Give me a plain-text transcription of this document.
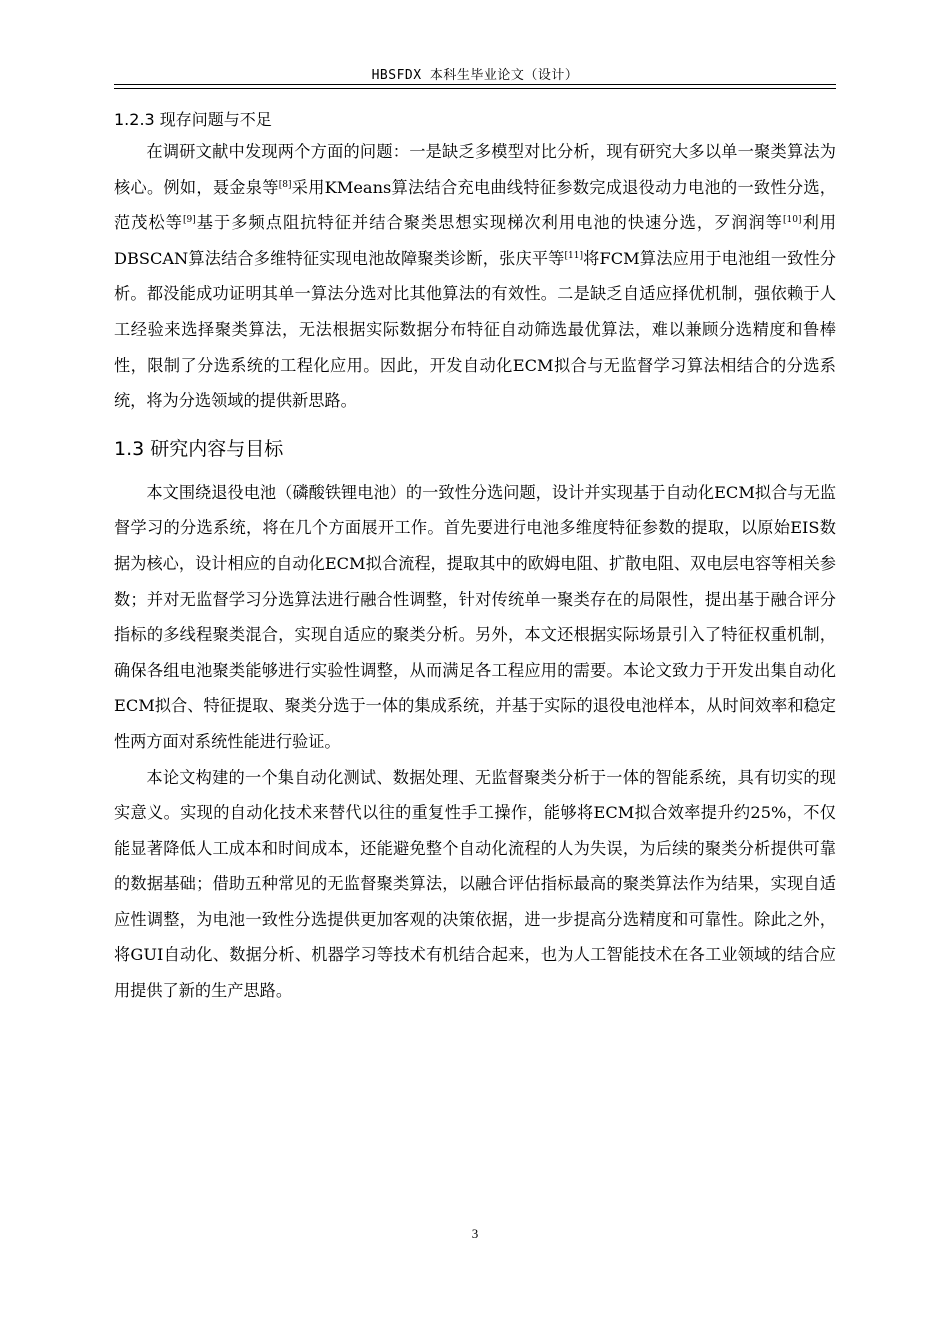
HBSFDX 本科生毕业论文（设计）
1.2.3 现存问题与不足

在调研文献中发现两个方面的问题：一是缺乏多模型对比分析，现有研究大多以单一聚类算法为核心。例如，聂金泉等[8]采用KMeans算法结合充电曲线特征参数完成退役动力电池的一致性分选，范茂松等[9]基于多频点阻抗特征并结合聚类思想实现梯次利用电池的快速分选，歹润润等[10]利用DBSCAN算法结合多维特征实现电池故障聚类诊断，张庆平等[11]将FCM算法应用于电池组一致性分析。都没能成功证明其单一算法分选对比其他算法的有效性。二是缺乏自适应择优机制，强依赖于人工经验来选择聚类算法，无法根据实际数据分布特征自动筛选最优算法，难以兼顾分选精度和鲁棒性，限制了分选系统的工程化应用。因此，开发自动化ECM拟合与无监督学习算法相结合的分选系统，将为分选领域的提供新思路。

1.3 研究内容与目标

本文围绕退役电池（磷酸铁锂电池）的一致性分选问题，设计并实现基于自动化ECM拟合与无监督学习的分选系统，将在几个方面展开工作。首先要进行电池多维度特征参数的提取，以原始EIS数据为核心，设计相应的自动化ECM拟合流程，提取其中的欧姆电阻、扩散电阻、双电层电容等相关参数；并对无监督学习分选算法进行融合性调整，针对传统单一聚类存在的局限性，提出基于融合评分指标的多线程聚类混合，实现自适应的聚类分析。另外，本文还根据实际场景引入了特征权重机制，确保各组电池聚类能够进行实验性调整，从而满足各工程应用的需要。本论文致力于开发出集自动化ECM拟合、特征提取、聚类分选于一体的集成系统，并基于实际的退役电池样本，从时间效率和稳定性两方面对系统性能进行验证。

本论文构建的一个集自动化测试、数据处理、无监督聚类分析于一体的智能系统，具有切实的现实意义。实现的自动化技术来替代以往的重复性手工操作，能够将ECM拟合效率提升约25%，不仅能显著降低人工成本和时间成本，还能避免整个自动化流程的人为失误，为后续的聚类分析提供可靠的数据基础；借助五种常见的无监督聚类算法，以融合评估指标最高的聚类算法作为结果，实现自适应性调整，为电池一致性分选提供更加客观的决策依据，进一步提高分选精度和可靠性。除此之外，将GUI自动化、数据分析、机器学习等技术有机结合起来，也为人工智能技术在各工业领域的结合应用提供了新的生产思路。

3
